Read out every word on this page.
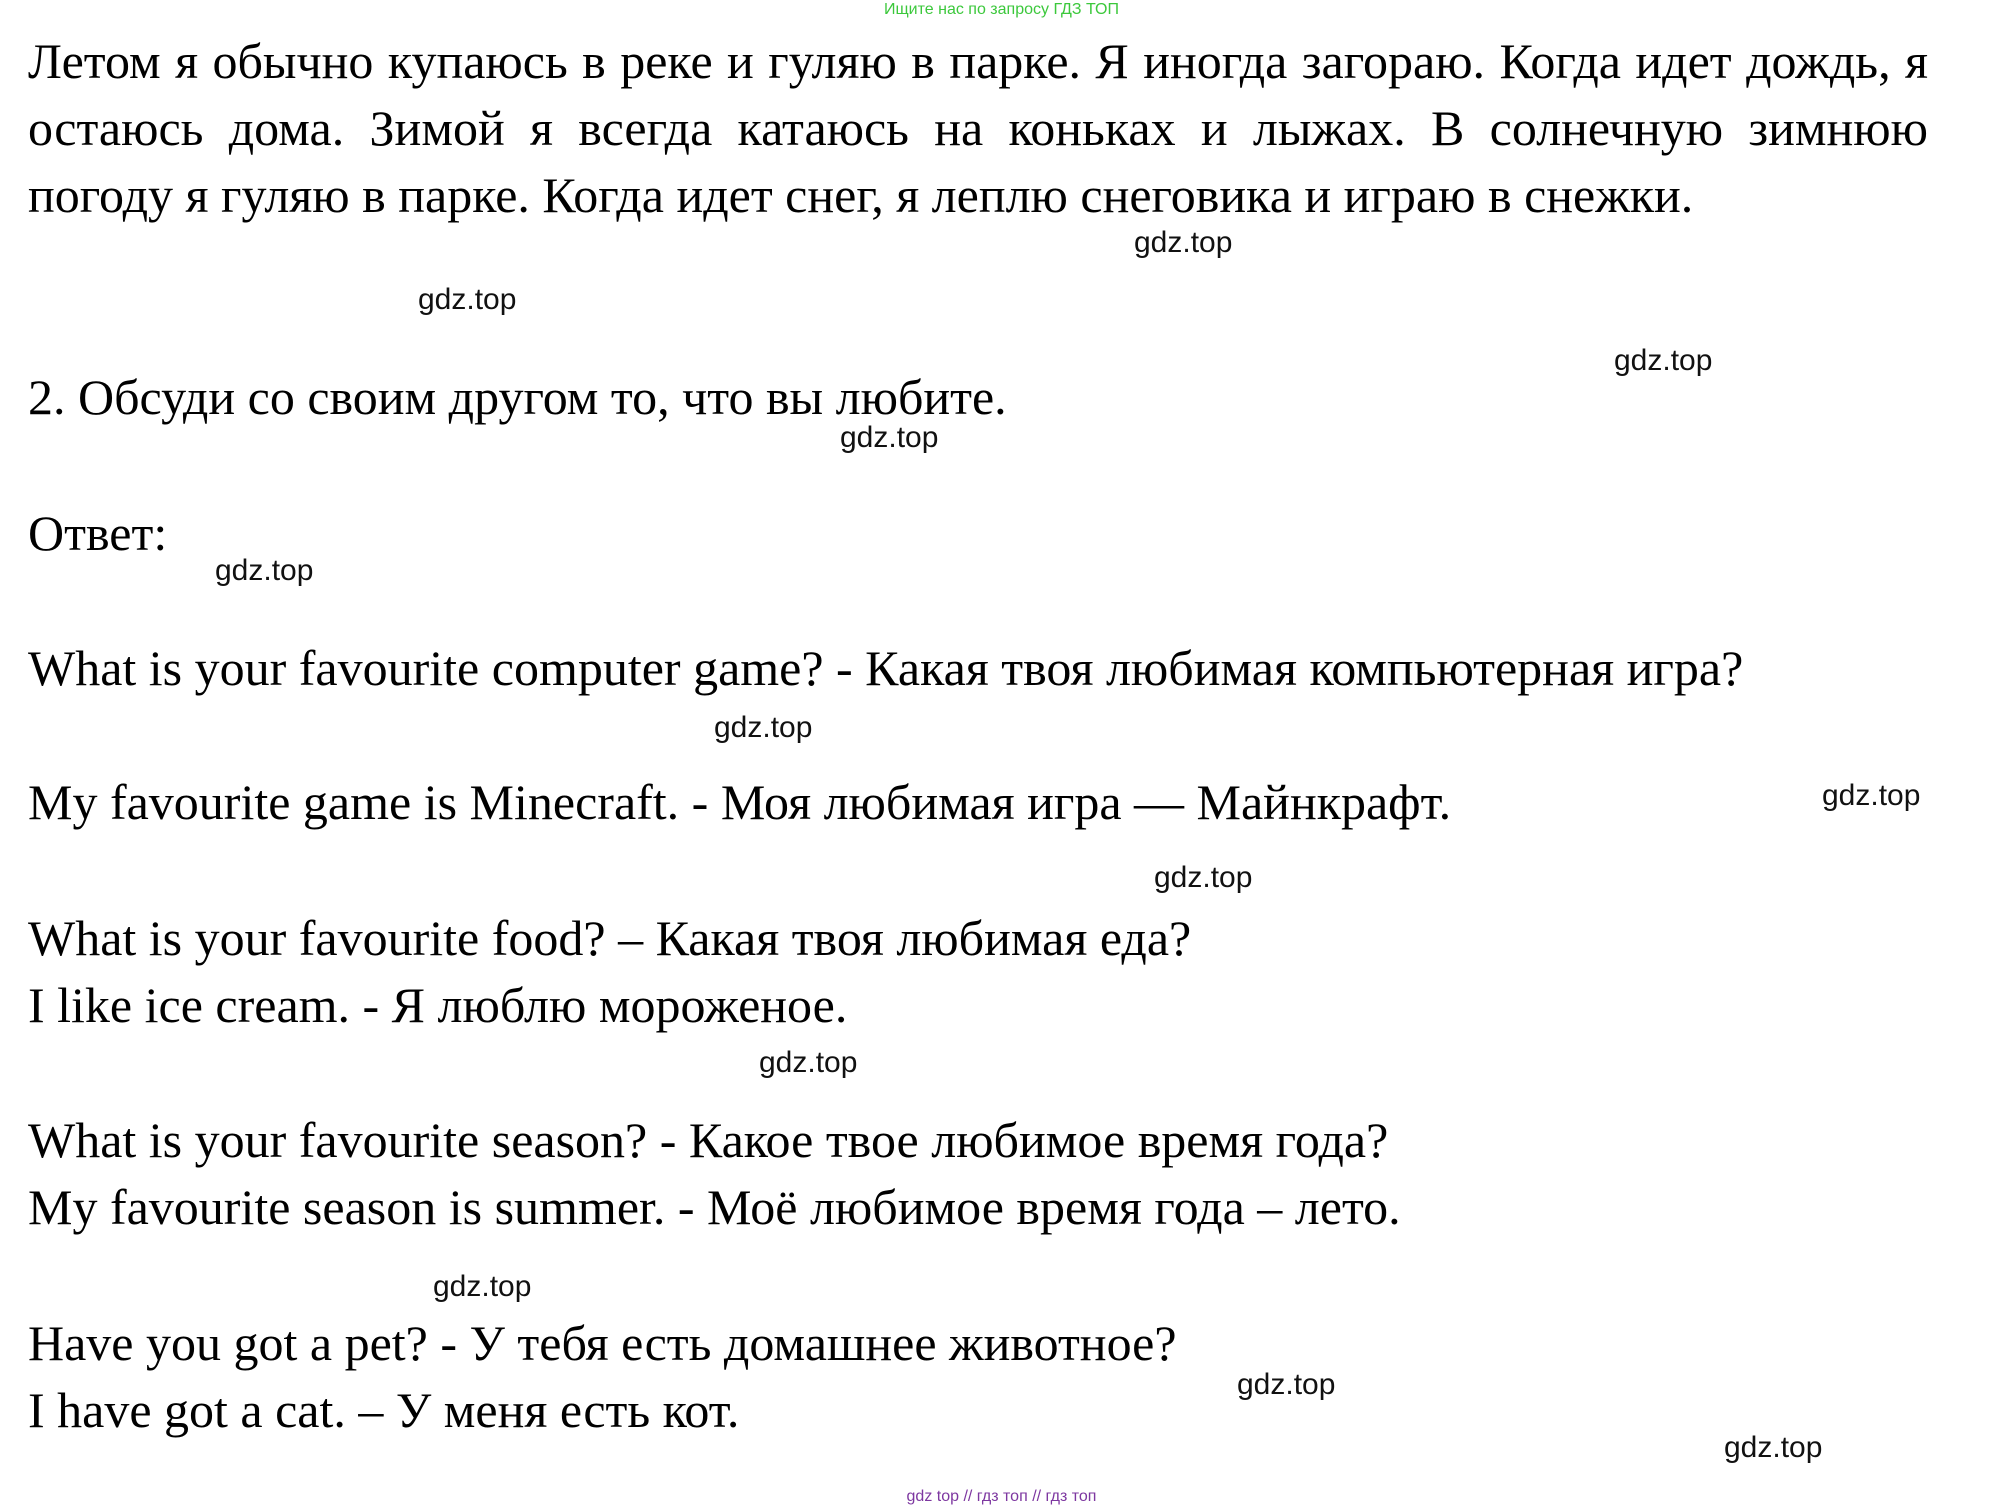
Ищите нас по запросу ГДЗ ТОП

Летом я обычно купаюсь в реке и гуляю в парке. Я иногда загораю. Когда идет дождь, я остаюсь дома. Зимой я всегда катаюсь на коньках и лыжах. В солнечную зимнюю погоду я гуляю в парке. Когда идет снег, я леплю снеговика и играю в снежки.

2. Обсуди со своим другом то, что вы любите.
Ответ:

What is your favourite computer game? - Какая твоя любимая компьютерная игра?

My favourite game is Minecraft. - Моя любимая игра — Майнкрафт.
What is your favourite food? – Какая твоя любимая еда?
I like ice cream. - Я люблю мороженое.
What is your favourite season? - Какое твое любимое время года?
My favourite season is summer. - Моё любимое время года – лето.
Have you got a pet? - У тебя есть домашнее животное?
I have got a cat. – У меня есть кот.
gdz.top
gdz.top
gdz.top
gdz.top
gdz.top
gdz.top
gdz.top
gdz.top
gdz.top
gdz.top
gdz.top
gdz.top
gdz top // гдз топ // гдз топ
